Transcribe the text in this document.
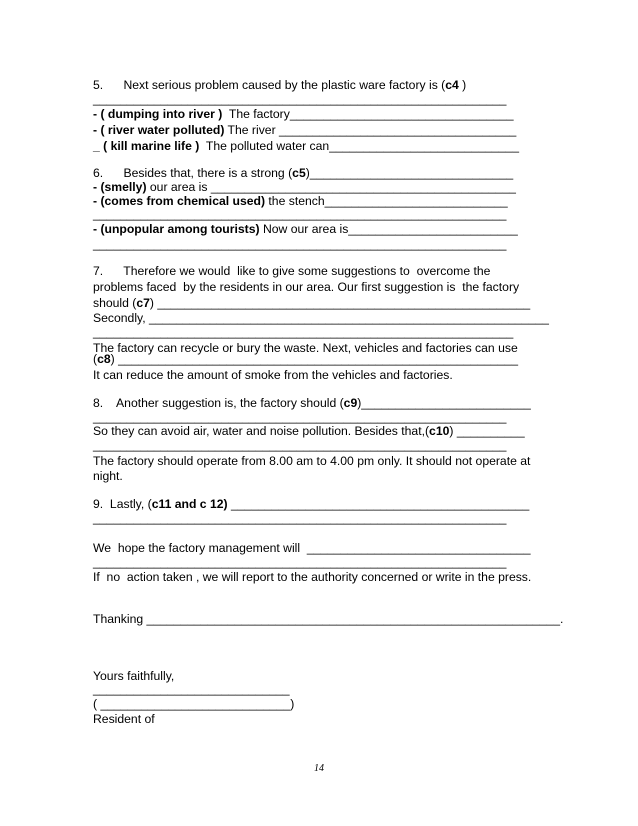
5.      Next serious problem caused by the plastic ware factory is (c4 )
_____________________________________________________________
- ( dumping into river )  The factory_________________________________
- ( river water polluted) The river ___________________________________
_ ( kill marine life )  The polluted water can____________________________
6.      Besides that, there is a strong (c5)______________________________
- (smelly) our area is _____________________________________________
- (comes from chemical used) the stench___________________________
_____________________________________________________________
- (unpopular among tourists) Now our area is_________________________
_____________________________________________________________
7.      Therefore we would  like to give some suggestions to  overcome the
problems faced  by the residents in our area. Our first suggestion is  the factory
should (c7) _______________________________________________________
Secondly, ___________________________________________________________
______________________________________________________________
The factory can recycle or bury the waste. Next, vehicles and factories can use
(c8) ___________________________________________________________
It can reduce the amount of smoke from the vehicles and factories.
8.    Another suggestion is, the factory should (c9)_________________________
_____________________________________________________________
So they can avoid air, water and noise pollution. Besides that,(c10) __________
_____________________________________________________________
The factory should operate from 8.00 am to 4.00 pm only. It should not operate at
night.
9.  Lastly, (c11 and c 12) ____________________________________________
_____________________________________________________________
We  hope the factory management will  _________________________________
_____________________________________________________________
If  no  action taken , we will report to the authority concerned or write in the press.
Thanking _____________________________________________________________.
Yours faithfully,
_____________________________
( ____________________________)
Resident of
14
